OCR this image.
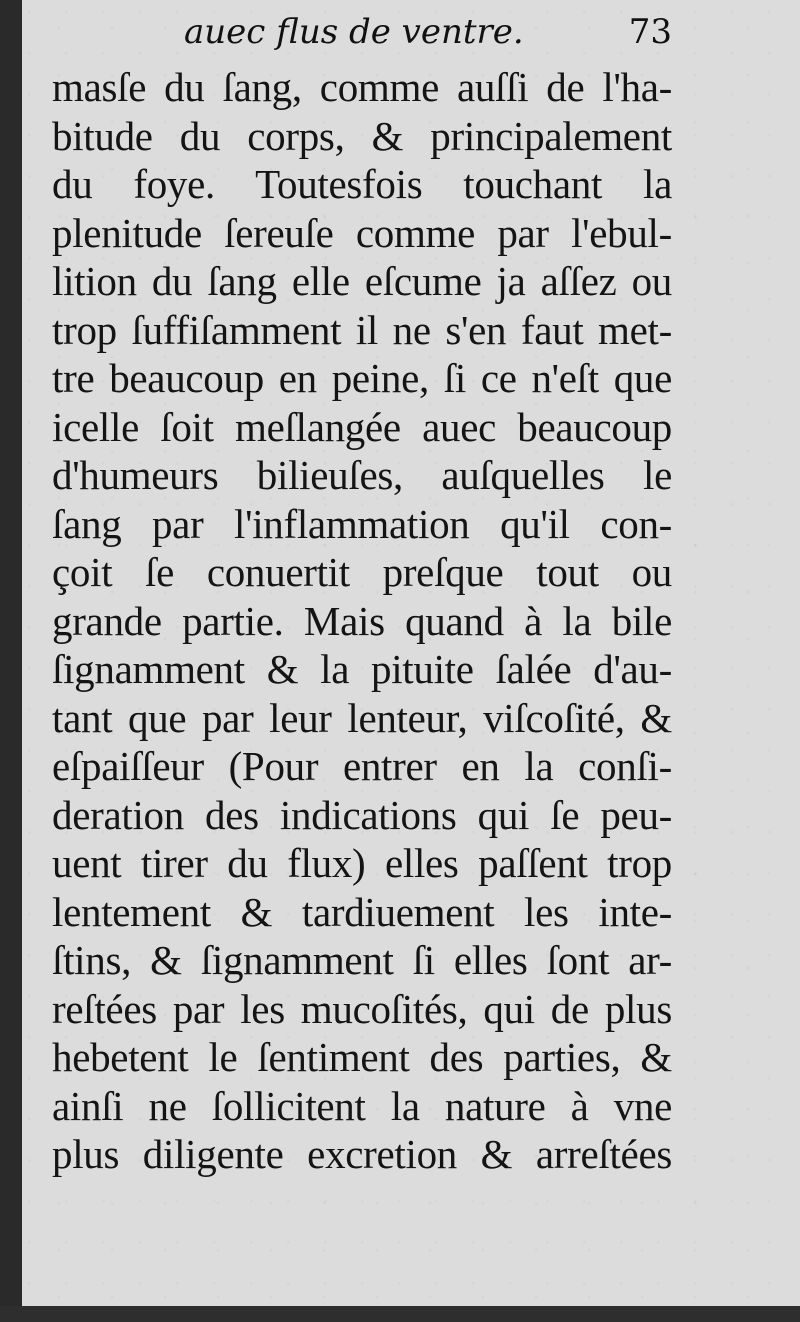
auec flus de ventre.	73
masſe du ſang, comme auſſi de l'ha-
bitude du corps, & principalement
du foye. Toutesfois touchant la
plenitude ſereuſe comme par l'ebul-
lition du ſang elle eſcume ja aſſez ou
trop ſuffiſamment il ne s'en faut met-
tre beaucoup en peine, ſi ce n'eſt que
icelle ſoit meſlangée auec beaucoup
d'humeurs bilieuſes, auſquelles le
ſang par l'inflammation qu'il con-
çoit ſe conuertit preſque tout ou
grande partie. Mais quand à la bile
ſignamment & la pituite ſalée d'au-
tant que par leur lenteur, viſcoſité, &
eſpaiſſeur (Pour entrer en la conſi-
deration des indications qui ſe peu-
uent tirer du flux) elles paſſent trop
lentement & tardiuement les inte-
ſtins, & ſignamment ſi elles ſont ar-
reſtées par les mucoſités, qui de plus
hebetent le ſentiment des parties, &
ainſi ne ſollicitent la nature à vne
plus diligente excretion & arreſtées
